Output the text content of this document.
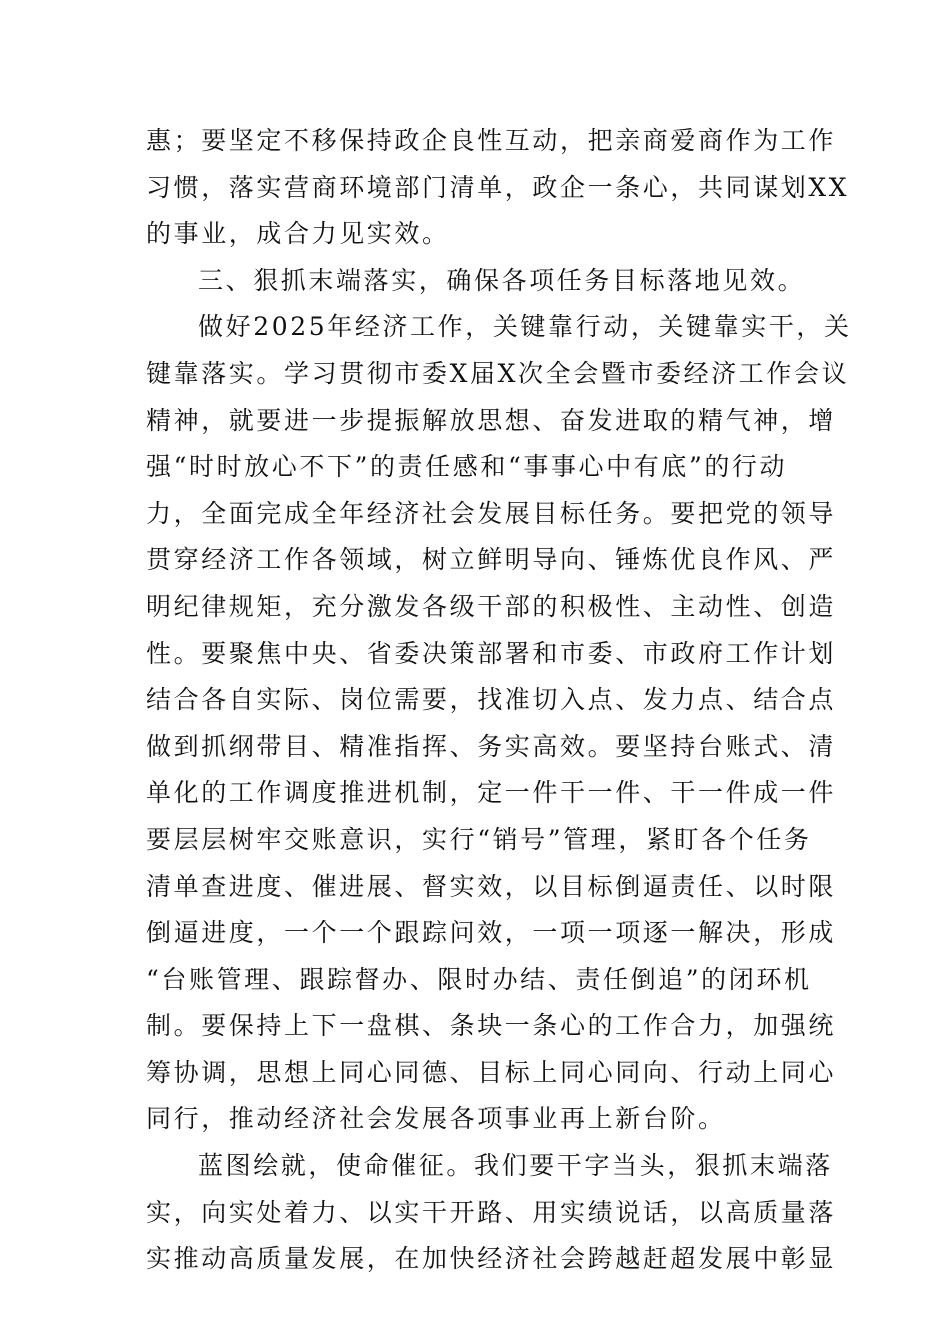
惠；要坚定不移保持政企良性互动，把亲商爱商作为工作
习惯，落实营商环境部门清单，政企一条心，共同谋划XX
的事业，成合力见实效。
三、狠抓末端落实，确保各项任务目标落地见效。
做好2025年经济工作，关键靠行动，关键靠实干，关
键靠落实。学习贯彻市委X届X次全会暨市委经济工作会议
精神，就要进一步提振解放思想、奋发进取的精气神，增
强“时时放心不下”的责任感和“事事心中有底”的行动
力，全面完成全年经济社会发展目标任务。要把党的领导
贯穿经济工作各领域，树立鲜明导向、锤炼优良作风、严
明纪律规矩，充分激发各级干部的积极性、主动性、创造
性。要聚焦中央、省委决策部署和市委、市政府工作计划
结合各自实际、岗位需要，找准切入点、发力点、结合点
做到抓纲带目、精准指挥、务实高效。要坚持台账式、清
单化的工作调度推进机制，定一件干一件、干一件成一件
要层层树牢交账意识，实行“销号”管理，紧盯各个任务
清单查进度、催进展、督实效，以目标倒逼责任、以时限
倒逼进度，一个一个跟踪问效，一项一项逐一解决，形成
“台账管理、跟踪督办、限时办结、责任倒追”的闭环机
制。要保持上下一盘棋、条块一条心的工作合力，加强统
筹协调，思想上同心同德、目标上同心同向、行动上同心
同行，推动经济社会发展各项事业再上新台阶。
蓝图绘就，使命催征。我们要干字当头，狠抓末端落
实，向实处着力、以实干开路、用实绩说话，以高质量落
实推动高质量发展，在加快经济社会跨越赶超发展中彰显
